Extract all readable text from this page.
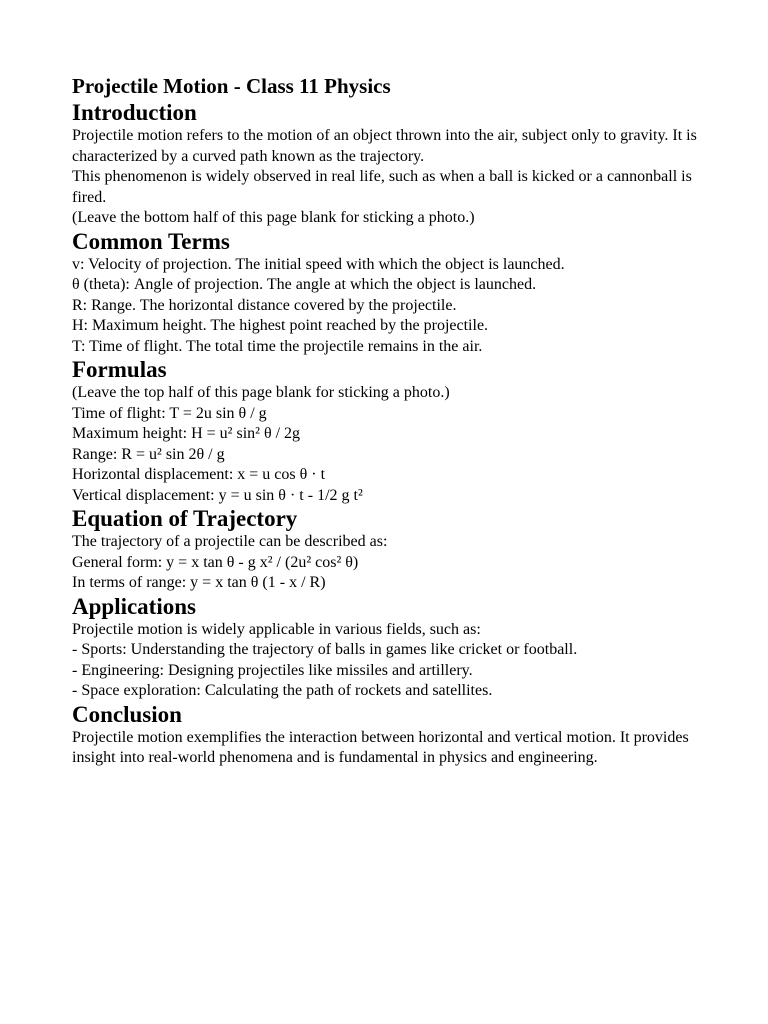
Projectile Motion - Class 11 Physics
Introduction

Projectile motion refers to the motion of an object thrown into the air, subject only to gravity. It is characterized by a curved path known as the trajectory.

This phenomenon is widely observed in real life, such as when a ball is kicked or a cannonball is fired.

(Leave the bottom half of this page blank for sticking a photo.)

Common Terms

v: Velocity of projection. The initial speed with which the object is launched.

θ (theta): Angle of projection. The angle at which the object is launched.

R: Range. The horizontal distance covered by the projectile.

H: Maximum height. The highest point reached by the projectile.

T: Time of flight. The total time the projectile remains in the air.

Formulas

(Leave the top half of this page blank for sticking a photo.)

Time of flight: T = 2u sin θ / g

Maximum height: H = u² sin² θ / 2g

Range: R = u² sin 2θ / g

Horizontal displacement: x = u cos θ · t

Vertical displacement: y = u sin θ · t - 1/2 g t²

Equation of Trajectory

The trajectory of a projectile can be described as:

General form: y = x tan θ - g x² / (2u² cos² θ)

In terms of range: y = x tan θ (1 - x / R)

Applications

Projectile motion is widely applicable in various fields, such as:

- Sports: Understanding the trajectory of balls in games like cricket or football.

- Engineering: Designing projectiles like missiles and artillery.

- Space exploration: Calculating the path of rockets and satellites.

Conclusion

Projectile motion exemplifies the interaction between horizontal and vertical motion. It provides insight into real-world phenomena and is fundamental in physics and engineering.
